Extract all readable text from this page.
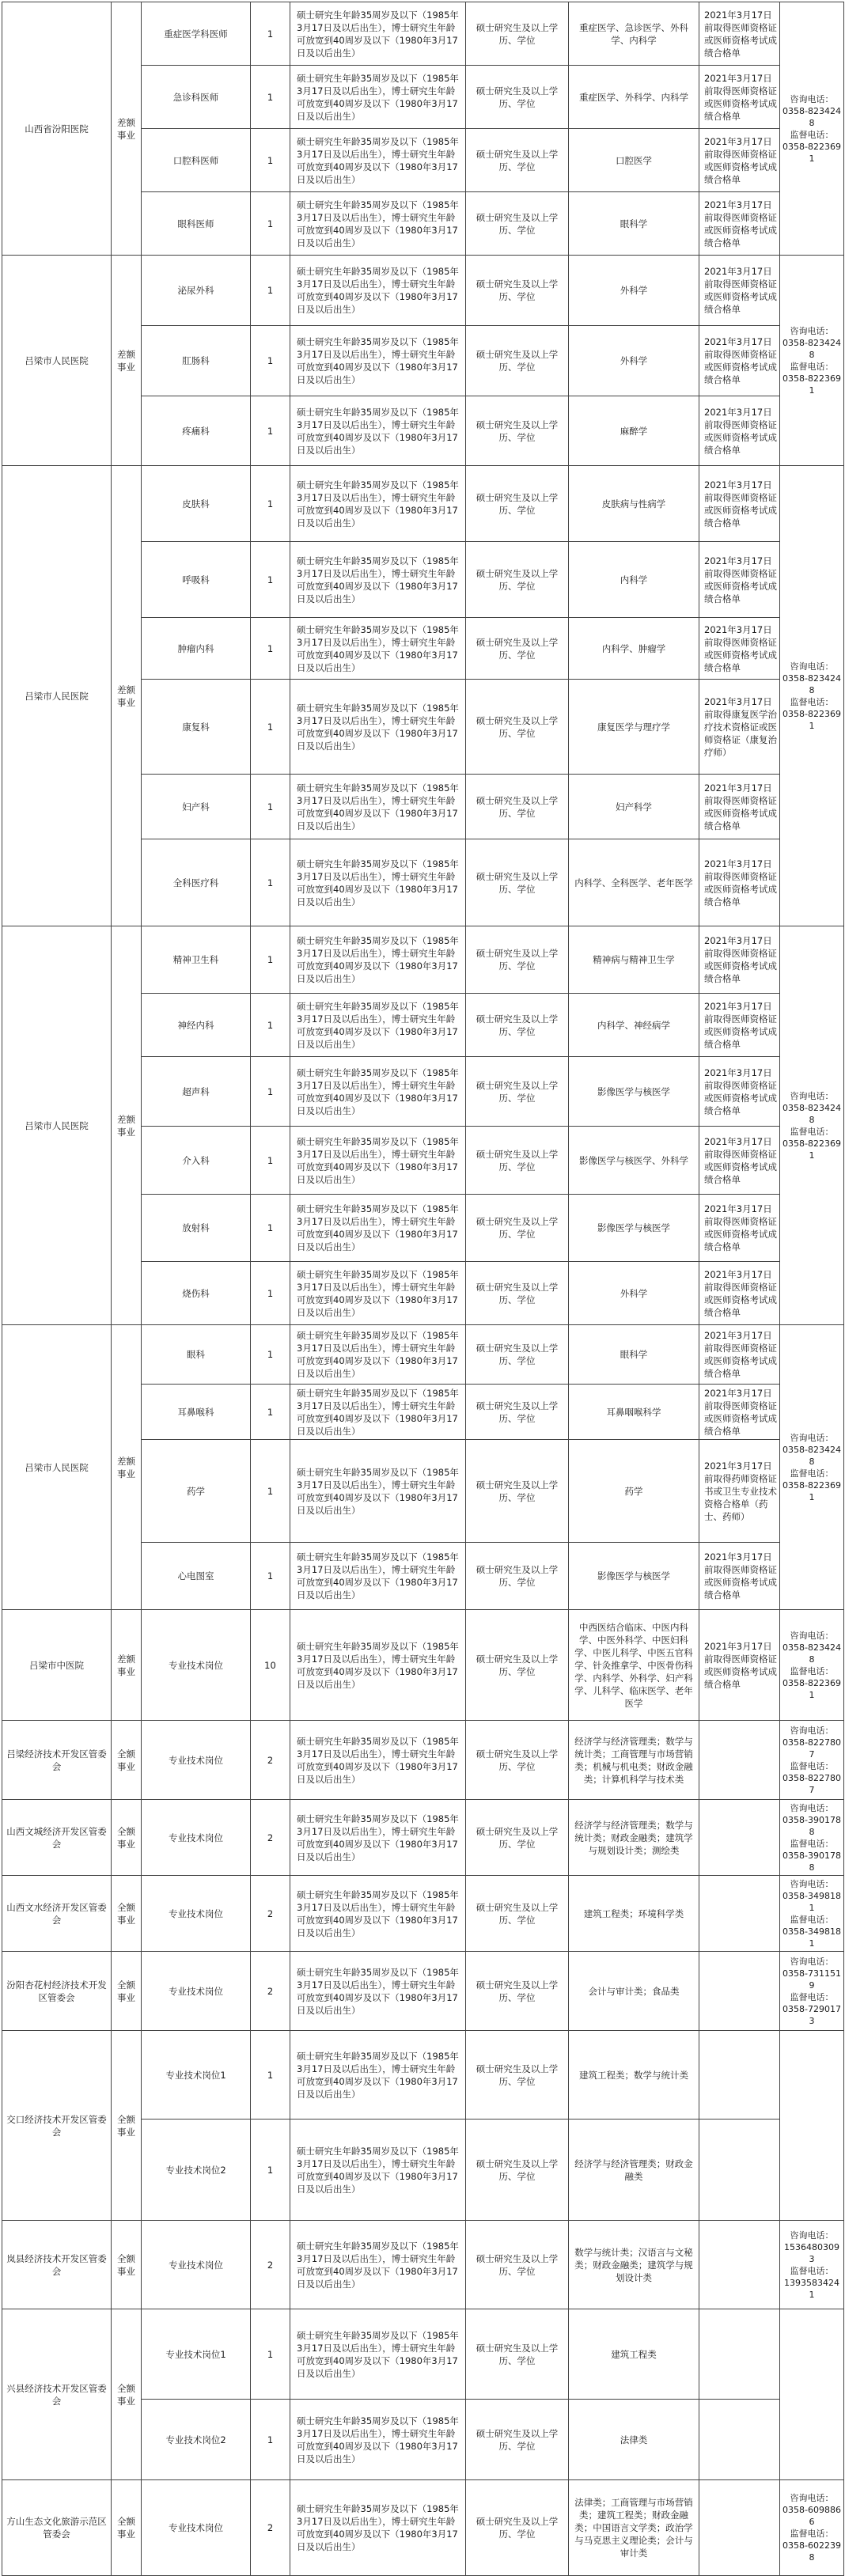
山西省汾阳医院	差额事业	重症医学科医师	1	硕士研究生年龄35周岁及以下（1985年3月17日及以后出生），博士研究生年龄可放宽到40周岁及以下（1980年3月17日及以后出生）	硕士研究生及以上学历、学位	重症医学、急诊医学、外科学、内科学	2021年3月17日前取得医师资格证或医师资格考试成绩合格单	咨询电话：
0358-8234248
监督电话：
0358-8223691

		急诊科医师	1	硕士研究生年龄35周岁及以下（1985年3月17日及以后出生），博士研究生年龄可放宽到40周岁及以下（1980年3月17日及以后出生）	硕士研究生及以上学历、学位	重症医学、外科学、内科学	2021年3月17日前取得医师资格证或医师资格考试成绩合格单	
		口腔科医师	1	硕士研究生年龄35周岁及以下（1985年3月17日及以后出生），博士研究生年龄可放宽到40周岁及以下（1980年3月17日及以后出生）	硕士研究生及以上学历、学位	口腔医学	2021年3月17日前取得医师资格证或医师资格考试成绩合格单	
		眼科医师	1	硕士研究生年龄35周岁及以下（1985年3月17日及以后出生），博士研究生年龄可放宽到40周岁及以下（1980年3月17日及以后出生）	硕士研究生及以上学历、学位	眼科学	2021年3月17日前取得医师资格证或医师资格考试成绩合格单	
吕梁市人民医院	差额事业	泌尿外科	1	硕士研究生年龄35周岁及以下（1985年3月17日及以后出生），博士研究生年龄可放宽到40周岁及以下（1980年3月17日及以后出生）	硕士研究生及以上学历、学位	外科学	2021年3月17日前取得医师资格证或医师资格考试成绩合格单	咨询电话：
0358-8234248
监督电话：
0358-8223691

		肛肠科	1	硕士研究生年龄35周岁及以下（1985年3月17日及以后出生），博士研究生年龄可放宽到40周岁及以下（1980年3月17日及以后出生）	硕士研究生及以上学历、学位	外科学	2021年3月17日前取得医师资格证或医师资格考试成绩合格单	
		疼痛科	1	硕士研究生年龄35周岁及以下（1985年3月17日及以后出生），博士研究生年龄可放宽到40周岁及以下（1980年3月17日及以后出生）	硕士研究生及以上学历、学位	麻醉学	2021年3月17日前取得医师资格证或医师资格考试成绩合格单	
吕梁市人民医院	差额事业	皮肤科	1	硕士研究生年龄35周岁及以下（1985年3月17日及以后出生），博士研究生年龄可放宽到40周岁及以下（1980年3月17日及以后出生）	硕士研究生及以上学历、学位	皮肤病与性病学	2021年3月17日前取得医师资格证或医师资格考试成绩合格单	咨询电话：
0358-8234248
监督电话：
0358-8223691

		呼吸科	1	硕士研究生年龄35周岁及以下（1985年3月17日及以后出生），博士研究生年龄可放宽到40周岁及以下（1980年3月17日及以后出生）	硕士研究生及以上学历、学位	内科学	2021年3月17日前取得医师资格证或医师资格考试成绩合格单	
		肿瘤内科	1	硕士研究生年龄35周岁及以下（1985年3月17日及以后出生），博士研究生年龄可放宽到40周岁及以下（1980年3月17日及以后出生）	硕士研究生及以上学历、学位	内科学、肿瘤学	2021年3月17日前取得医师资格证或医师资格考试成绩合格单	
		康复科	1	硕士研究生年龄35周岁及以下（1985年3月17日及以后出生），博士研究生年龄可放宽到40周岁及以下（1980年3月17日及以后出生）	硕士研究生及以上学历、学位	康复医学与理疗学	2021年3月17日前取得康复医学治疗技术资格证或医师资格证（康复治疗师）	
		妇产科	1	硕士研究生年龄35周岁及以下（1985年3月17日及以后出生），博士研究生年龄可放宽到40周岁及以下（1980年3月17日及以后出生）	硕士研究生及以上学历、学位	妇产科学	2021年3月17日前取得医师资格证或医师资格考试成绩合格单	
		全科医疗科	1	硕士研究生年龄35周岁及以下（1985年3月17日及以后出生），博士研究生年龄可放宽到40周岁及以下（1980年3月17日及以后出生）	硕士研究生及以上学历、学位	内科学、全科医学、老年医学	2021年3月17日前取得医师资格证或医师资格考试成绩合格单	
吕梁市人民医院	差额事业	精神卫生科	1	硕士研究生年龄35周岁及以下（1985年3月17日及以后出生），博士研究生年龄可放宽到40周岁及以下（1980年3月17日及以后出生）	硕士研究生及以上学历、学位	精神病与精神卫生学	2021年3月17日前取得医师资格证或医师资格考试成绩合格单	咨询电话：
0358-8234248
监督电话：
0358-8223691

		神经内科	1	硕士研究生年龄35周岁及以下（1985年3月17日及以后出生），博士研究生年龄可放宽到40周岁及以下（1980年3月17日及以后出生）	硕士研究生及以上学历、学位	内科学、神经病学	2021年3月17日前取得医师资格证或医师资格考试成绩合格单	
		超声科	1	硕士研究生年龄35周岁及以下（1985年3月17日及以后出生），博士研究生年龄可放宽到40周岁及以下（1980年3月17日及以后出生）	硕士研究生及以上学历、学位	影像医学与核医学	2021年3月17日前取得医师资格证或医师资格考试成绩合格单	
		介入科	1	硕士研究生年龄35周岁及以下（1985年3月17日及以后出生），博士研究生年龄可放宽到40周岁及以下（1980年3月17日及以后出生）	硕士研究生及以上学历、学位	影像医学与核医学、外科学	2021年3月17日前取得医师资格证或医师资格考试成绩合格单	
		放射科	1	硕士研究生年龄35周岁及以下（1985年3月17日及以后出生），博士研究生年龄可放宽到40周岁及以下（1980年3月17日及以后出生）	硕士研究生及以上学历、学位	影像医学与核医学	2021年3月17日前取得医师资格证或医师资格考试成绩合格单	
		烧伤科	1	硕士研究生年龄35周岁及以下（1985年3月17日及以后出生），博士研究生年龄可放宽到40周岁及以下（1980年3月17日及以后出生）	硕士研究生及以上学历、学位	外科学	2021年3月17日前取得医师资格证或医师资格考试成绩合格单	
吕梁市人民医院	差额事业	眼科	1	硕士研究生年龄35周岁及以下（1985年3月17日及以后出生），博士研究生年龄可放宽到40周岁及以下（1980年3月17日及以后出生）	硕士研究生及以上学历、学位	眼科学	2021年3月17日前取得医师资格证或医师资格考试成绩合格单	咨询电话：
0358-8234248
监督电话：
0358-8223691

		耳鼻喉科	1	硕士研究生年龄35周岁及以下（1985年3月17日及以后出生），博士研究生年龄可放宽到40周岁及以下（1980年3月17日及以后出生）	硕士研究生及以上学历、学位	耳鼻咽喉科学	2021年3月17日前取得医师资格证或医师资格考试成绩合格单	
		药学	1	硕士研究生年龄35周岁及以下（1985年3月17日及以后出生），博士研究生年龄可放宽到40周岁及以下（1980年3月17日及以后出生）	硕士研究生及以上学历、学位	药学	2021年3月17日前取得药师资格证书或卫生专业技术资格合格单（药士、药师）	
		心电图室	1	硕士研究生年龄35周岁及以下（1985年3月17日及以后出生），博士研究生年龄可放宽到40周岁及以下（1980年3月17日及以后出生）	硕士研究生及以上学历、学位	影像医学与核医学	2021年3月17日前取得医师资格证或医师资格考试成绩合格单	
吕梁市中医院	差额事业	专业技术岗位	10	硕士研究生年龄35周岁及以下（1985年3月17日及以后出生），博士研究生年龄可放宽到40周岁及以下（1980年3月17日及以后出生）	硕士研究生及以上学历、学位	中西医结合临床、中医内科学、中医外科学、中医妇科学、中医儿科学、中医五官科学、针灸推拿学、中医骨伤科学、内科学、外科学、妇产科学、儿科学、临床医学、老年医学	2021年3月17日前取得医师资格证或医师资格考试成绩合格单	咨询电话：
0358-8234248
监督电话：
0358-8223691

吕梁经济技术开发区管委会	全额事业	专业技术岗位	2	硕士研究生年龄35周岁及以下（1985年3月17日及以后出生），博士研究生年龄可放宽到40周岁及以下（1980年3月17日及以后出生）	硕士研究生及以上学历、学位	经济学与经济管理类；数学与统计类；工商管理与市场营销类；机械与机电类；财政金融类；计算机科学与技术类		咨询电话：
0358-8227807
监督电话：
0358-8227807

山西文城经济开发区管委会	全额事业	专业技术岗位	2	硕士研究生年龄35周岁及以下（1985年3月17日及以后出生），博士研究生年龄可放宽到40周岁及以下（1980年3月17日及以后出生）	硕士研究生及以上学历、学位	经济学与经济管理类；数学与统计类；财政金融类；建筑学与规划设计类；测绘类		咨询电话：
0358-3901788
监督电话：
0358-3901788

山西文水经济开发区管委会	全额事业	专业技术岗位	2	硕士研究生年龄35周岁及以下（1985年3月17日及以后出生），博士研究生年龄可放宽到40周岁及以下（1980年3月17日及以后出生）	硕士研究生及以上学历、学位	建筑工程类；环境科学类		咨询电话：
0358-3498181
监督电话：
0358-3498181

汾阳杏花村经济技术开发区管委会	全额事业	专业技术岗位	2	硕士研究生年龄35周岁及以下（1985年3月17日及以后出生），博士研究生年龄可放宽到40周岁及以下（1980年3月17日及以后出生）	硕士研究生及以上学历、学位	会计与审计类；食品类		咨询电话：
0358-7311519
监督电话：
0358-7290173

交口经济技术开发区管委会	全额事业	专业技术岗位1	1	硕士研究生年龄35周岁及以下（1985年3月17日及以后出生），博士研究生年龄可放宽到40周岁及以下（1980年3月17日及以后出生）	硕士研究生及以上学历、学位	建筑工程类；数学与统计类		
		专业技术岗位2	1	硕士研究生年龄35周岁及以下（1985年3月17日及以后出生），博士研究生年龄可放宽到40周岁及以下（1980年3月17日及以后出生）	硕士研究生及以上学历、学位	经济学与经济管理类；财政金融类		
岚县经济技术开发区管委会	全额事业	专业技术岗位	2	硕士研究生年龄35周岁及以下（1985年3月17日及以后出生），博士研究生年龄可放宽到40周岁及以下（1980年3月17日及以后出生）	硕士研究生及以上学历、学位	数学与统计类；汉语言与文秘类；财政金融类；建筑学与规划设计类		咨询电话：
15364803093
监督电话：
13935834241

兴县经济技术开发区管委会	全额事业	专业技术岗位1	1	硕士研究生年龄35周岁及以下（1985年3月17日及以后出生），博士研究生年龄可放宽到40周岁及以下（1980年3月17日及以后出生）	硕士研究生及以上学历、学位	建筑工程类		
		专业技术岗位2	1	硕士研究生年龄35周岁及以下（1985年3月17日及以后出生），博士研究生年龄可放宽到40周岁及以下（1980年3月17日及以后出生）	硕士研究生及以上学历、学位	法律类		
方山生态文化旅游示范区管委会	全额事业	专业技术岗位	2	硕士研究生年龄35周岁及以下（1985年3月17日及以后出生），博士研究生年龄可放宽到40周岁及以下（1980年3月17日及以后出生）	硕士研究生及以上学历、学位	法律类；工商管理与市场营销类；建筑工程类；财政金融类；中国语言文学类；政治学与马克思主义理论类；会计与审计类		咨询电话：
0358-6098866
监督电话：
0358-6022398
